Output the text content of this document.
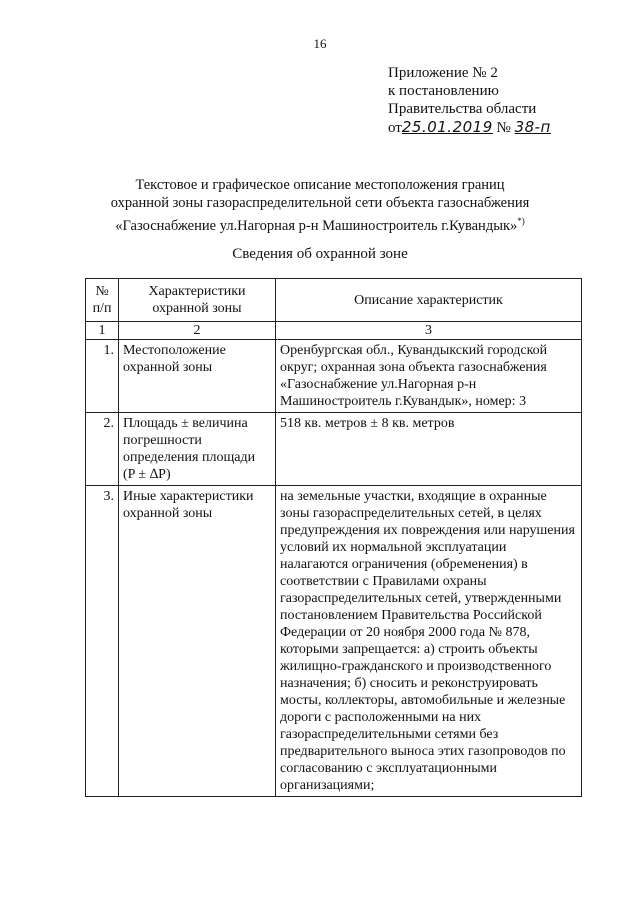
16
Приложение № 2
к постановлению
Правительства области
от25.01.2019 № 38-п
Текстовое и графическое описание местоположения границ
охранной зоны газораспределительной сети объекта газоснабжения
«Газоснабжение ул.Нагорная р-н Машиностроитель г.Кувандык»*)
Сведения об охранной зоне
№ п/п	Характеристики охранной зоны	Описание характеристик
1	2	3
1.	Местоположение охранной зоны	Оренбургская обл., Кувандыкский городской округ; охранная зона объекта газоснабжения «Газоснабжение ул.Нагорная р-н Машиностроитель г.Кувандык», номер: 3
2.	Площадь ± величина погрешности определения площади (P ± ∆P)	518 кв. метров ± 8 кв. метров
3.	Иные характеристики охранной зоны	на земельные участки, входящие в охранные зоны газораспределительных сетей, в целях предупреждения их повреждения или нарушения условий их нормальной эксплуатации налагаются ограничения (обременения) в соответствии с Правилами охраны газораспределительных сетей, утвержденными постановлением Правительства Российской Федерации от 20 ноября 2000 года № 878, которыми запрещается: а) строить объекты жилищно-гражданского и производственного назначения; б) сносить и реконструировать мосты, коллекторы, автомобильные и железные дороги с расположенными на них газораспределительными сетями без предварительного выноса этих газопроводов по согласованию с эксплуатационными организациями;
